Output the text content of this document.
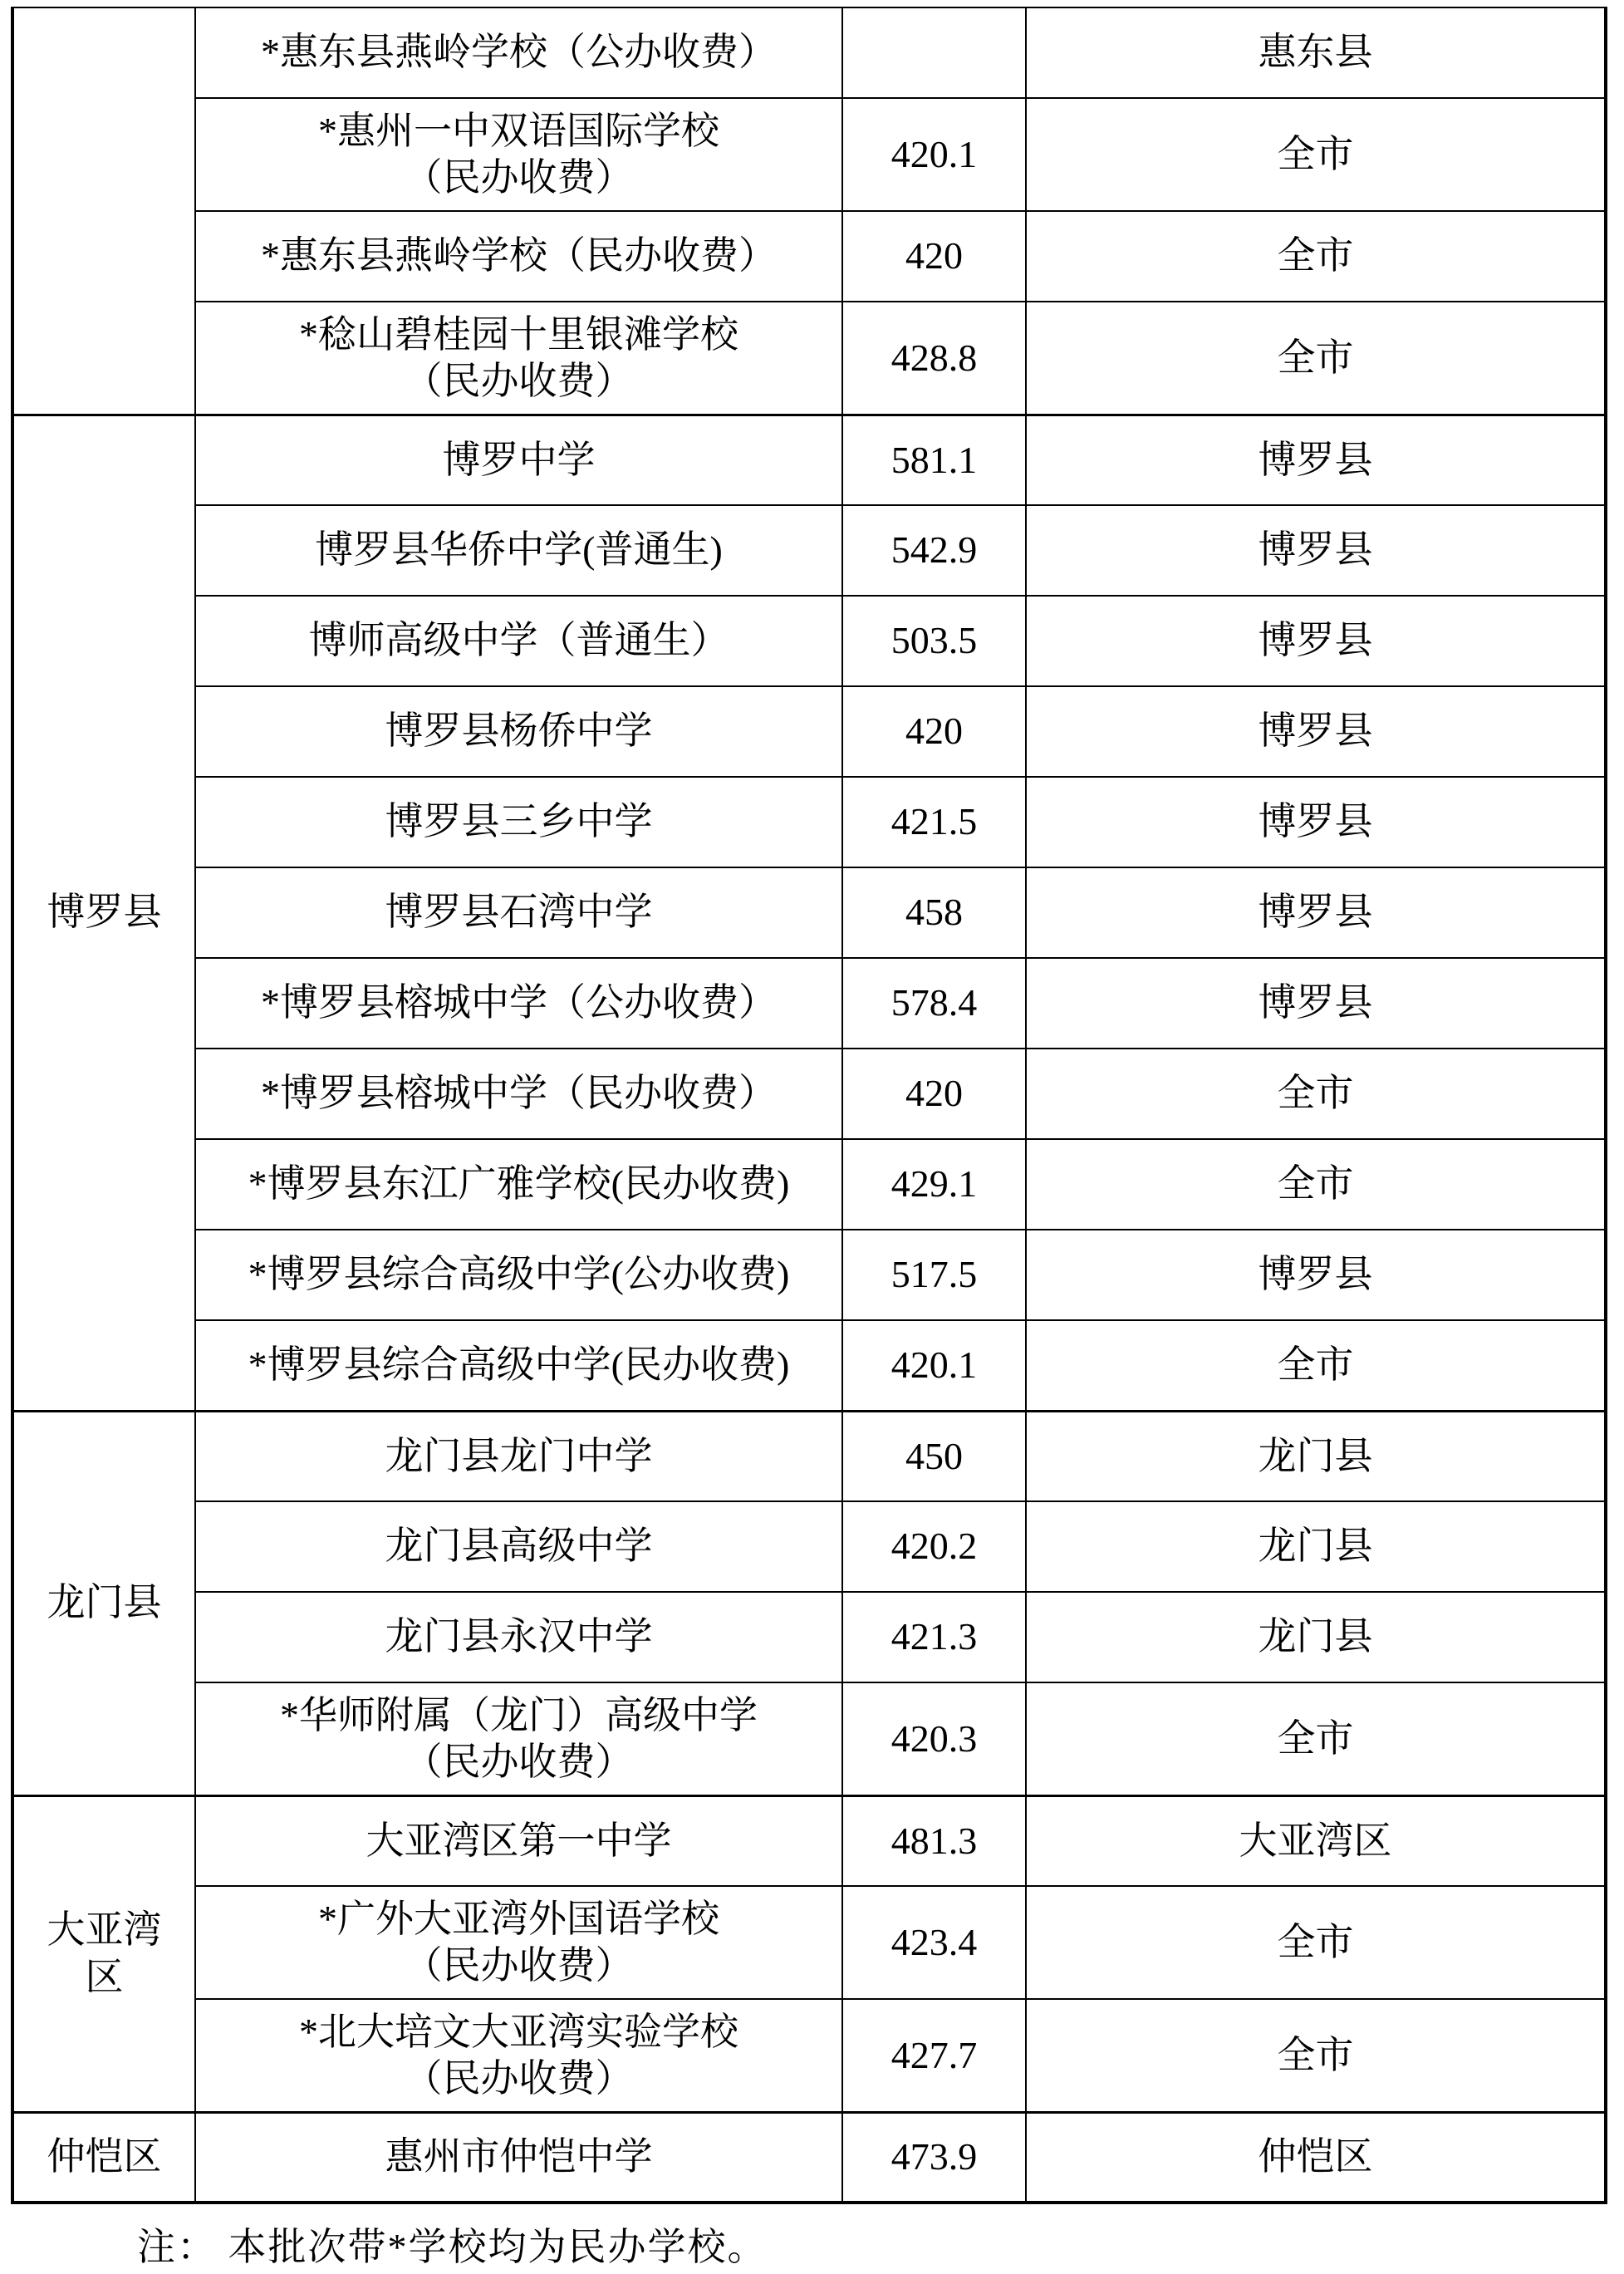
	*惠东县燕岭学校（公办收费）		惠东县

	*惠州一中双语国际学校
（民办收费）	420.1	全市

	*惠东县燕岭学校（民办收费）	420	全市

	*稔山碧桂园十里银滩学校
（民办收费）	428.8	全市

博罗县	博罗中学	581.1	博罗县

	博罗县华侨中学(普通生)	542.9	博罗县

	博师高级中学（普通生）	503.5	博罗县

	博罗县杨侨中学	420	博罗县

	博罗县三乡中学	421.5	博罗县

	博罗县石湾中学	458	博罗县

	*博罗县榕城中学（公办收费）	578.4	博罗县

	*博罗县榕城中学（民办收费）	420	全市

	*博罗县东江广雅学校(民办收费)	429.1	全市

	*博罗县综合高级中学(公办收费)	517.5	博罗县

	*博罗县综合高级中学(民办收费)	420.1	全市

龙门县	龙门县龙门中学	450	龙门县

	龙门县高级中学	420.2	龙门县

	龙门县永汉中学	421.3	龙门县

	*华师附属（龙门）高级中学
（民办收费）	420.3	全市

大亚湾
区	大亚湾区第一中学	481.3	大亚湾区

	*广外大亚湾外国语学校
（民办收费）	423.4	全市

	*北大培文大亚湾实验学校
（民办收费）	427.7	全市

仲恺区	惠州市仲恺中学	473.9	仲恺区
注： 本批次带*学校均为民办学校。
